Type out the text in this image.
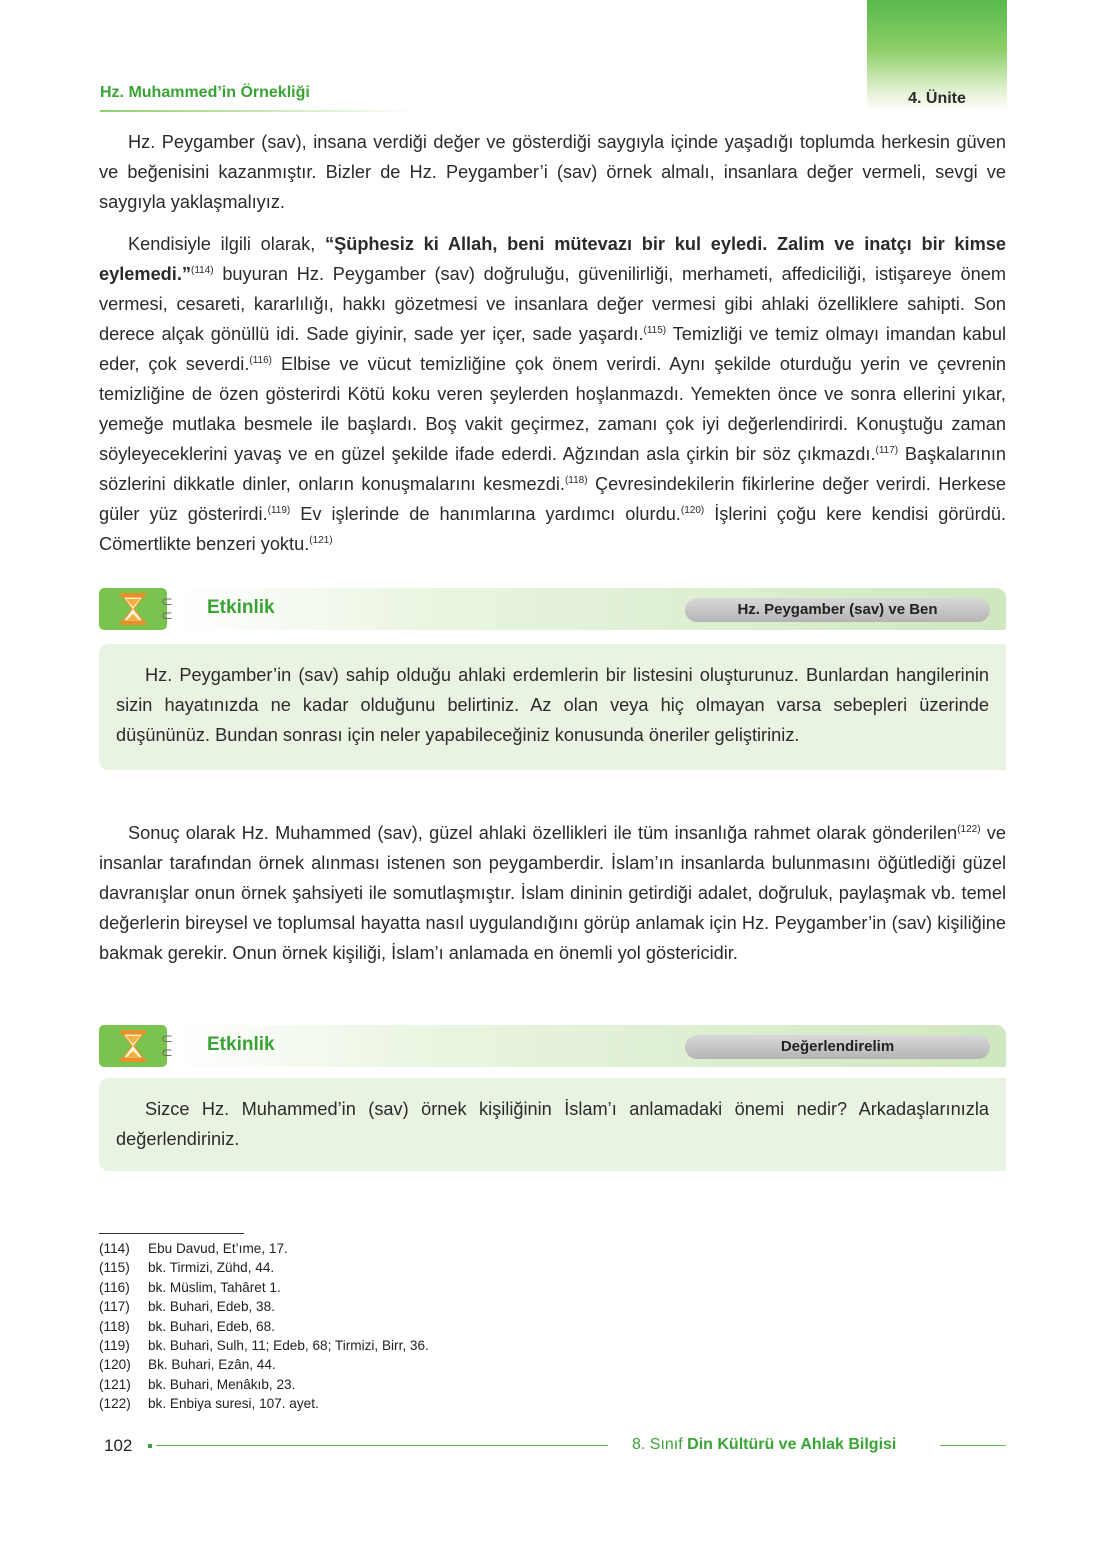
4. Ünite
Hz. Muhammed’in Örnekliği

Hz. Peygamber (sav), insana verdiği değer ve gösterdiği saygıyla içinde yaşadığı toplumda herkesin güven ve beğenisini kazanmıştır. Bizler de Hz. Peygamber’i (sav) örnek almalı, insanlara değer vermeli, sevgi ve saygıyla yaklaşmalıyız.

Kendisiyle ilgili olarak, “Şüphesiz ki Allah, beni mütevazı bir kul eyledi. Zalim ve inatçı bir kimse eylemedi.”$^{(114)}$ buyuran Hz. Peygamber (sav) doğruluğu, güvenilirliği, merhameti, affediciliği, istişareye önem vermesi, cesareti, kararlılığı, hakkı gözetmesi ve insanlara değer vermesi gibi ahlaki özelliklere sahipti. Son derece alçak gönüllü idi. Sade giyinir, sade yer içer, sade yaşardı.$^{(115)}$ Temizliği ve temiz olmayı imandan kabul eder, çok severdi.$^{(116)}$ Elbise ve vücut temizliğine çok önem verirdi. Aynı şekilde oturduğu yerin ve çevrenin temizliğine de özen gösterirdi Kötü koku veren şeylerden hoşlanmazdı. Yemekten önce ve sonra ellerini yıkar, yemeğe mutlaka besmele ile başlardı. Boş vakit geçirmez, zamanı çok iyi değerlendirirdi. Konuştuğu zaman söyleyeceklerini yavaş ve en güzel şekilde ifade ederdi. Ağzından asla çirkin bir söz çıkmazdı.$^{(117)}$ Başkalarının sözlerini dikkatle dinler, onların konuşmalarını kesmezdi.$^{(118)}$ Çevresindekilerin fikirlerine değer verirdi. Herkese güler yüz gösterirdi.$^{(119)}$ Ev işlerinde de hanımlarına yardımcı olurdu.$^{(120)}$ İşlerini çoğu kere kendisi görürdü. Cömertlikte benzeri yoktu.$^{(121)}$

⊂
⊂ Etkinlik	Hz. Peygamber (sav) ve Ben

Hz. Peygamber’in (sav) sahip olduğu ahlaki erdemlerin bir listesini oluşturunuz. Bunlardan hangilerinin sizin hayatınızda ne kadar olduğunu belirtiniz. Az olan veya hiç olmayan varsa sebepleri üzerinde düşününüz. Bundan sonrası için neler yapabileceğiniz konusunda öneriler geliştiriniz.

Sonuç olarak Hz. Muhammed (sav), güzel ahlaki özellikleri ile tüm insanlığa rahmet olarak gönderilen$^{(122)}$ ve insanlar tarafından örnek alınması istenen son peygamberdir. İslam’ın insanlarda bulunmasını öğütlediği güzel davranışlar onun örnek şahsiyeti ile somutlaşmıştır. İslam dininin getirdiği adalet, doğruluk, paylaşmak vb. temel değerlerin bireysel ve toplumsal hayatta nasıl uygulandığını görüp anlamak için Hz. Peygamber’in (sav) kişiliğine bakmak gerekir. Onun örnek kişiliği, İslam’ı anlamada en önemli yol göstericidir.

⊂
⊂ Etkinlik	Değerlendirelim

Sizce Hz. Muhammed’in (sav) örnek kişiliğinin İslam’ı anlamadaki önemi nedir? Arkadaşlarınızla değerlendiriniz.

(114) Ebu Davud, Et’ıme, 17.
(115) bk. Tirmizi, Zühd, 44.
(116) bk. Müslim, Tahâret 1.
(117) bk. Buhari, Edeb, 38.
(118) bk. Buhari, Edeb, 68.
(119) bk. Buhari, Sulh, 11; Edeb, 68; Tirmizi, Birr, 36.
(120) Bk. Buhari, Ezân, 44.
(121) bk. Buhari, Menâkıb, 23.
(122) bk. Enbiya suresi, 107. ayet.
102	8. Sınıf Din Kültürü ve Ahlak Bilgisi
